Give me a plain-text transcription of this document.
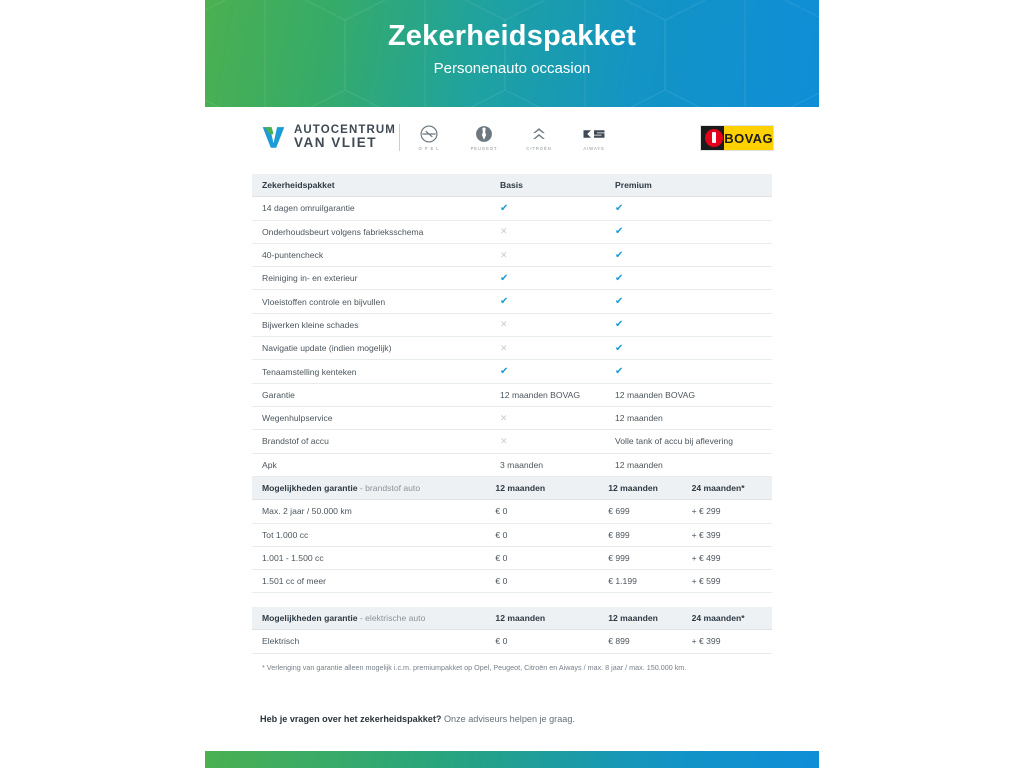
Zekerheidspakket
Personenauto occasion
AUTOCENTRUM
VAN VLIET	O P E L	PEUGEOT	CITROËN	AIWAYS
BOVAG
Zekerheidspakket	Basis	Premium
14 dagen omruilgarantie	✔	✔
Onderhoudsbeurt volgens fabrieksschema	✕	✔
40-puntencheck	✕	✔
Reiniging in- en exterieur	✔	✔
Vloeistoffen controle en bijvullen	✔	✔
Bijwerken kleine schades	✕	✔
Navigatie update (indien mogelijk)	✕	✔
Tenaamstelling kenteken	✔	✔
Garantie	12 maanden BOVAG	12 maanden BOVAG
Wegenhulpservice	✕	12 maanden
Brandstof of accu	✕	Volle tank of accu bij aflevering
Apk	3 maanden	12 maanden
Mogelijkheden garantie - brandstof auto	12 maanden	12 maanden	24 maanden*
Max. 2 jaar / 50.000 km	€ 0	€ 699	+ € 299
Tot 1.000 cc	€ 0	€ 899	+ € 399
1.001 - 1.500 cc	€ 0	€ 999	+ € 499
1.501 cc of meer	€ 0	€ 1.199	+ € 599
Mogelijkheden garantie - elektrische auto	12 maanden	12 maanden	24 maanden*
Elektrisch	€ 0	€ 899	+ € 399
* Verlenging van garantie alleen mogelijk i.c.m. premiumpakket op Opel, Peugeot, Citroën en Aiways / max. 8 jaar / max. 150.000 km.
Heb je vragen over het zekerheidspakket? Onze adviseurs helpen je graag.
